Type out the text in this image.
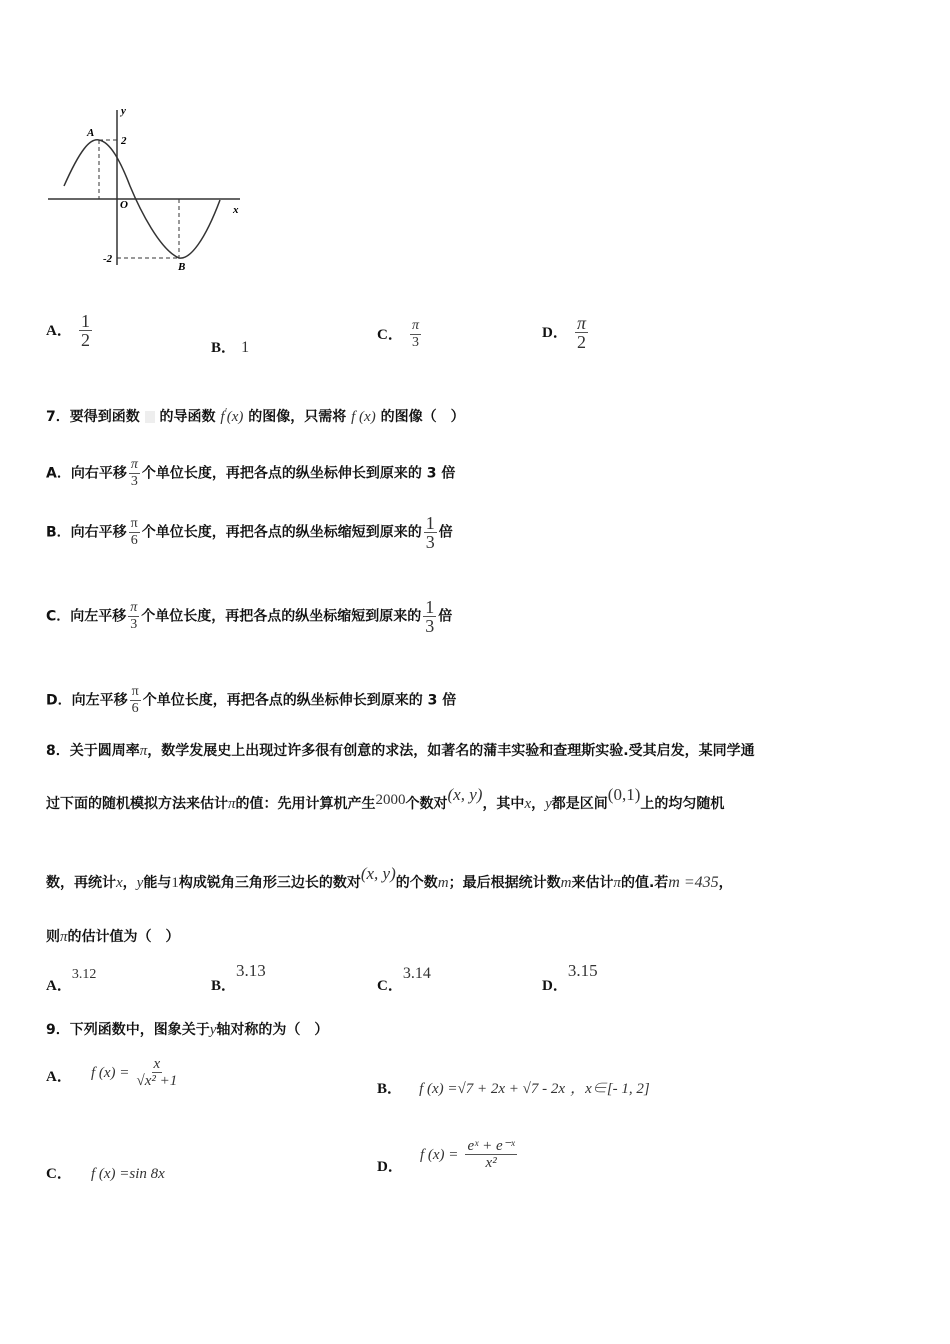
y
x
A
B
O
2
-2
A． $\frac{1}{2}$	B． 1
C． $\frac{\pi}{3}$	D． $\frac{\pi}{2}$
7．要得到函数 的导函数 f′(x) 的图像，只需将 f (x) 的图像（　）
A．向右平移 $\frac{\pi}{3}$ 个单位长度，再把各点的纵坐标伸长到原来的 3 倍
B．向右平移 $\frac{\pi}{6}$ 个单位长度，再把各点的纵坐标缩短到原来的 $\frac{1}{3}$ 倍
C．向左平移 $\frac{\pi}{3}$ 个单位长度，再把各点的纵坐标缩短到原来的 $\frac{1}{3}$ 倍
D．向左平移 $\frac{\pi}{6}$ 个单位长度，再把各点的纵坐标伸长到原来的 3 倍
8．关于圆周率π，数学发展史上出现过许多很有创意的求法，如著名的蒲丰实验和查理斯实验.受其启发，某同学通
过下面的随机模拟方法来估计π的值：先用计算机产生2000个数对(x, y)，其中x，y都是区间(0,1)上的均匀随机
数，再统计x，y能与1构成锐角三角形三边长的数对(x, y)的个数m；最后根据统计数m来估计π的值.若m =435，
则π的估计值为（　）
A．3.12
B．3.13
C．3.14
D．3.15
9．下列函数中，图象关于y轴对称的为（　）
A． f $(x) = \frac{x}{\text{√x² +1}}$	B． f (x) =√7 + 2x + √7 - 2x ，x∈[- 1, 2]
C． f (x) =sin 8x	D． f $(x) = \frac{\text{eˣ + e⁻ˣ}}{\text{x²}}$
